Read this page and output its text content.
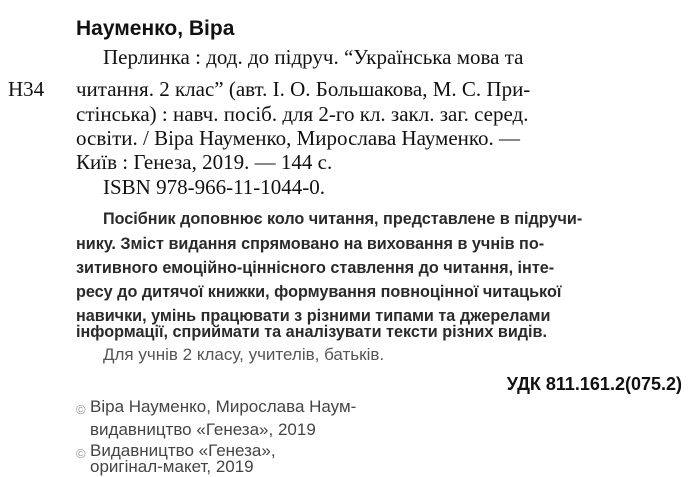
Науменко, Віра
Н34
Перлинка : дод. до підруч. “Українська мова та
читання. 2 клас” (авт. І. О. Большакова, М. С. При-
стінська) : навч. посіб. для 2-го кл. закл. заг. серед.
освіти. / Віра Науменко, Мирослава Науменко. —
Київ : Генеза, 2019. — 144 с.
ISBN 978-966-11-1044-0.
Посібник доповнює коло читання, представлене в підручи-
нику. Зміст видання спрямовано на виховання в учнів по-
зитивного емоційно-ціннісного ставлення до читання, інте-
ресу до дитячої книжки, формування повноцінної читацької
навички, умінь працювати з різними типами та джерелами
інформації, сприймати та аналізувати тексти різних видів.
Для учнів 2 класу, учителів, батьків.
УДК 811.161.2(075.2)
© Віра Науменко, Мирослава Наум-
видавництво «Генеза», 2019
© Видавництво «Генеза»,
оригінал-макет, 2019
